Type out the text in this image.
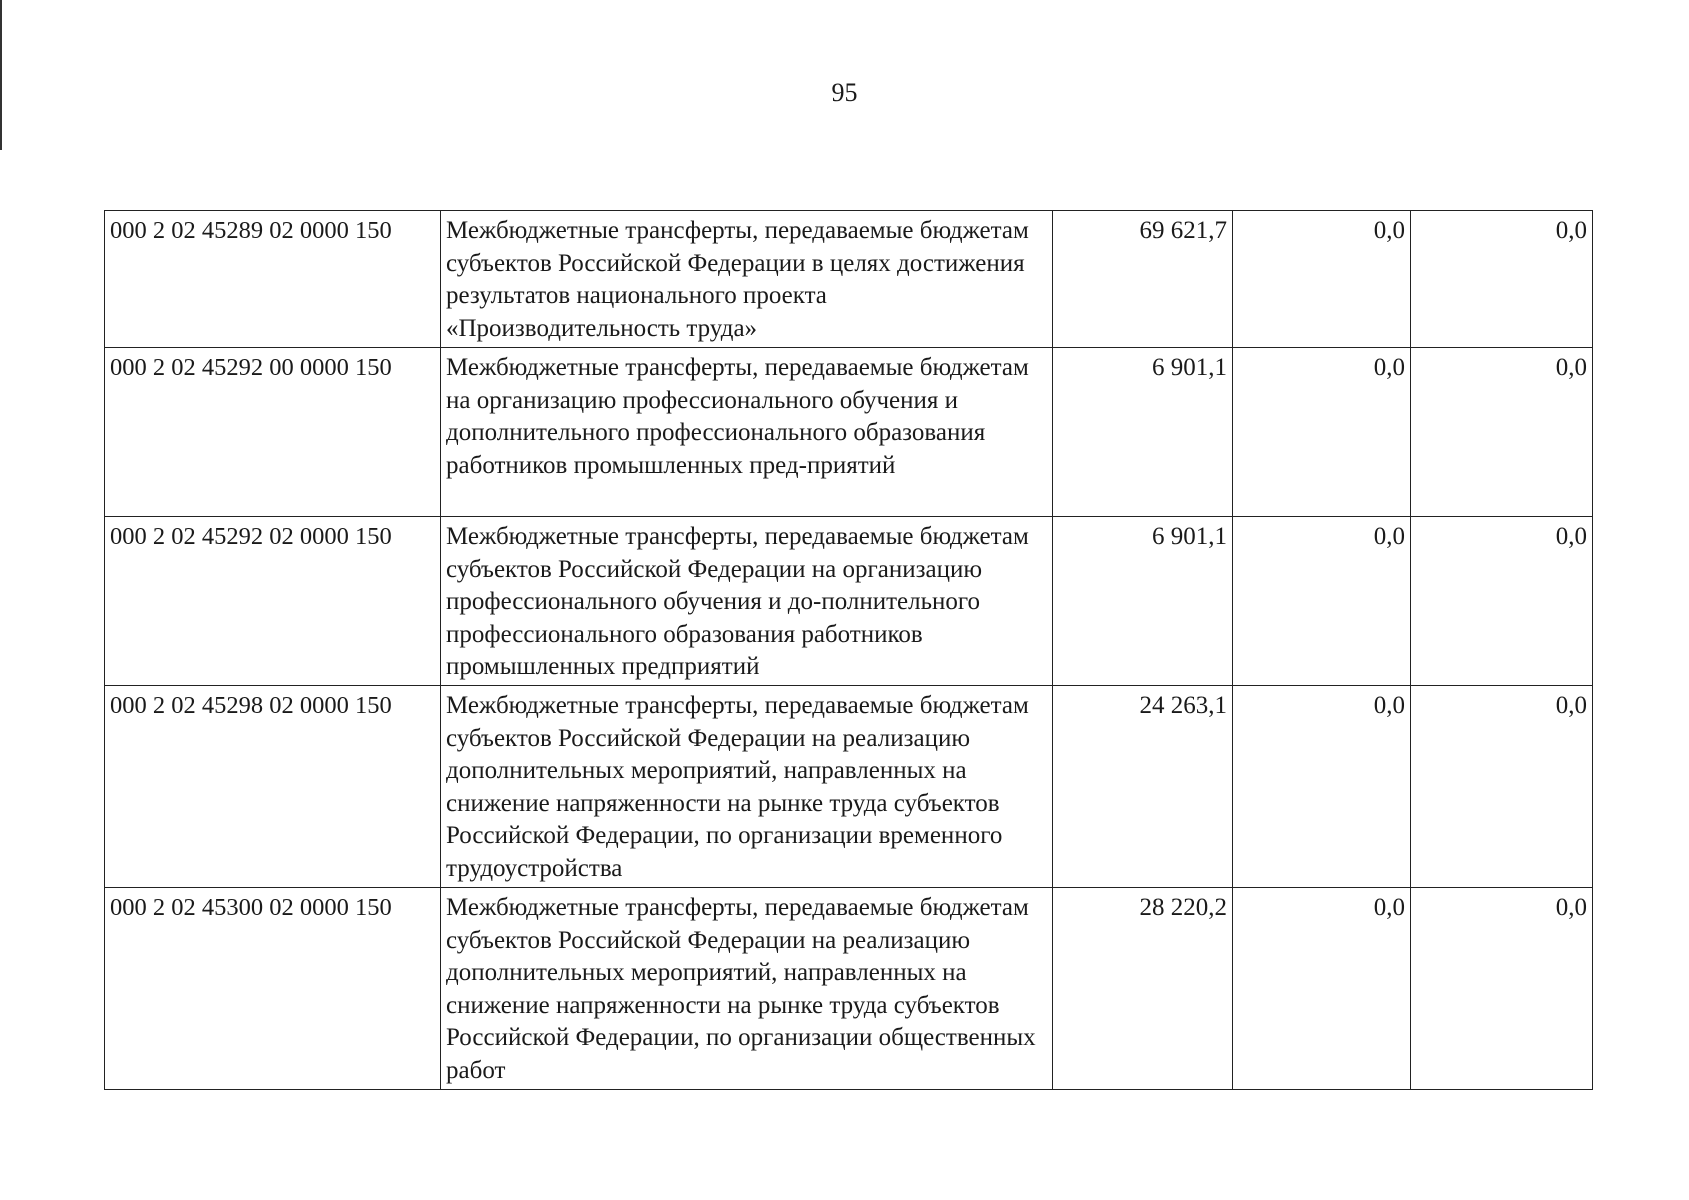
95
000 2 02 45289 02 0000 150	Межбюджетные трансферты, передаваемые бюджетам субъектов Российской Федерации в целях достижения результатов национального проекта «Производительность труда»	69 621,7	0,0	0,0
000 2 02 45292 00 0000 150	Межбюджетные трансферты, передаваемые бюджетам на организацию профессионального обучения и дополнительного профессионального образования работников промышленных пред-приятий	6 901,1	0,0	0,0
000 2 02 45292 02 0000 150	Межбюджетные трансферты, передаваемые бюджетам субъектов Российской Федерации на организацию профессионального обучения и до-полнительного профессионального образования работников промышленных предприятий	6 901,1	0,0	0,0
000 2 02 45298 02 0000 150	Межбюджетные трансферты, передаваемые бюджетам субъектов Российской Федерации на реализацию дополнительных мероприятий, направленных на снижение напряженности на рынке труда субъектов Российской Федерации, по организации временного трудоустройства	24 263,1	0,0	0,0
000 2 02 45300 02 0000 150	Межбюджетные трансферты, передаваемые бюджетам субъектов Российской Федерации на реализацию дополнительных мероприятий, направленных на снижение напряженности на рынке труда субъектов Российской Федерации, по организации общественных работ	28 220,2	0,0	0,0
